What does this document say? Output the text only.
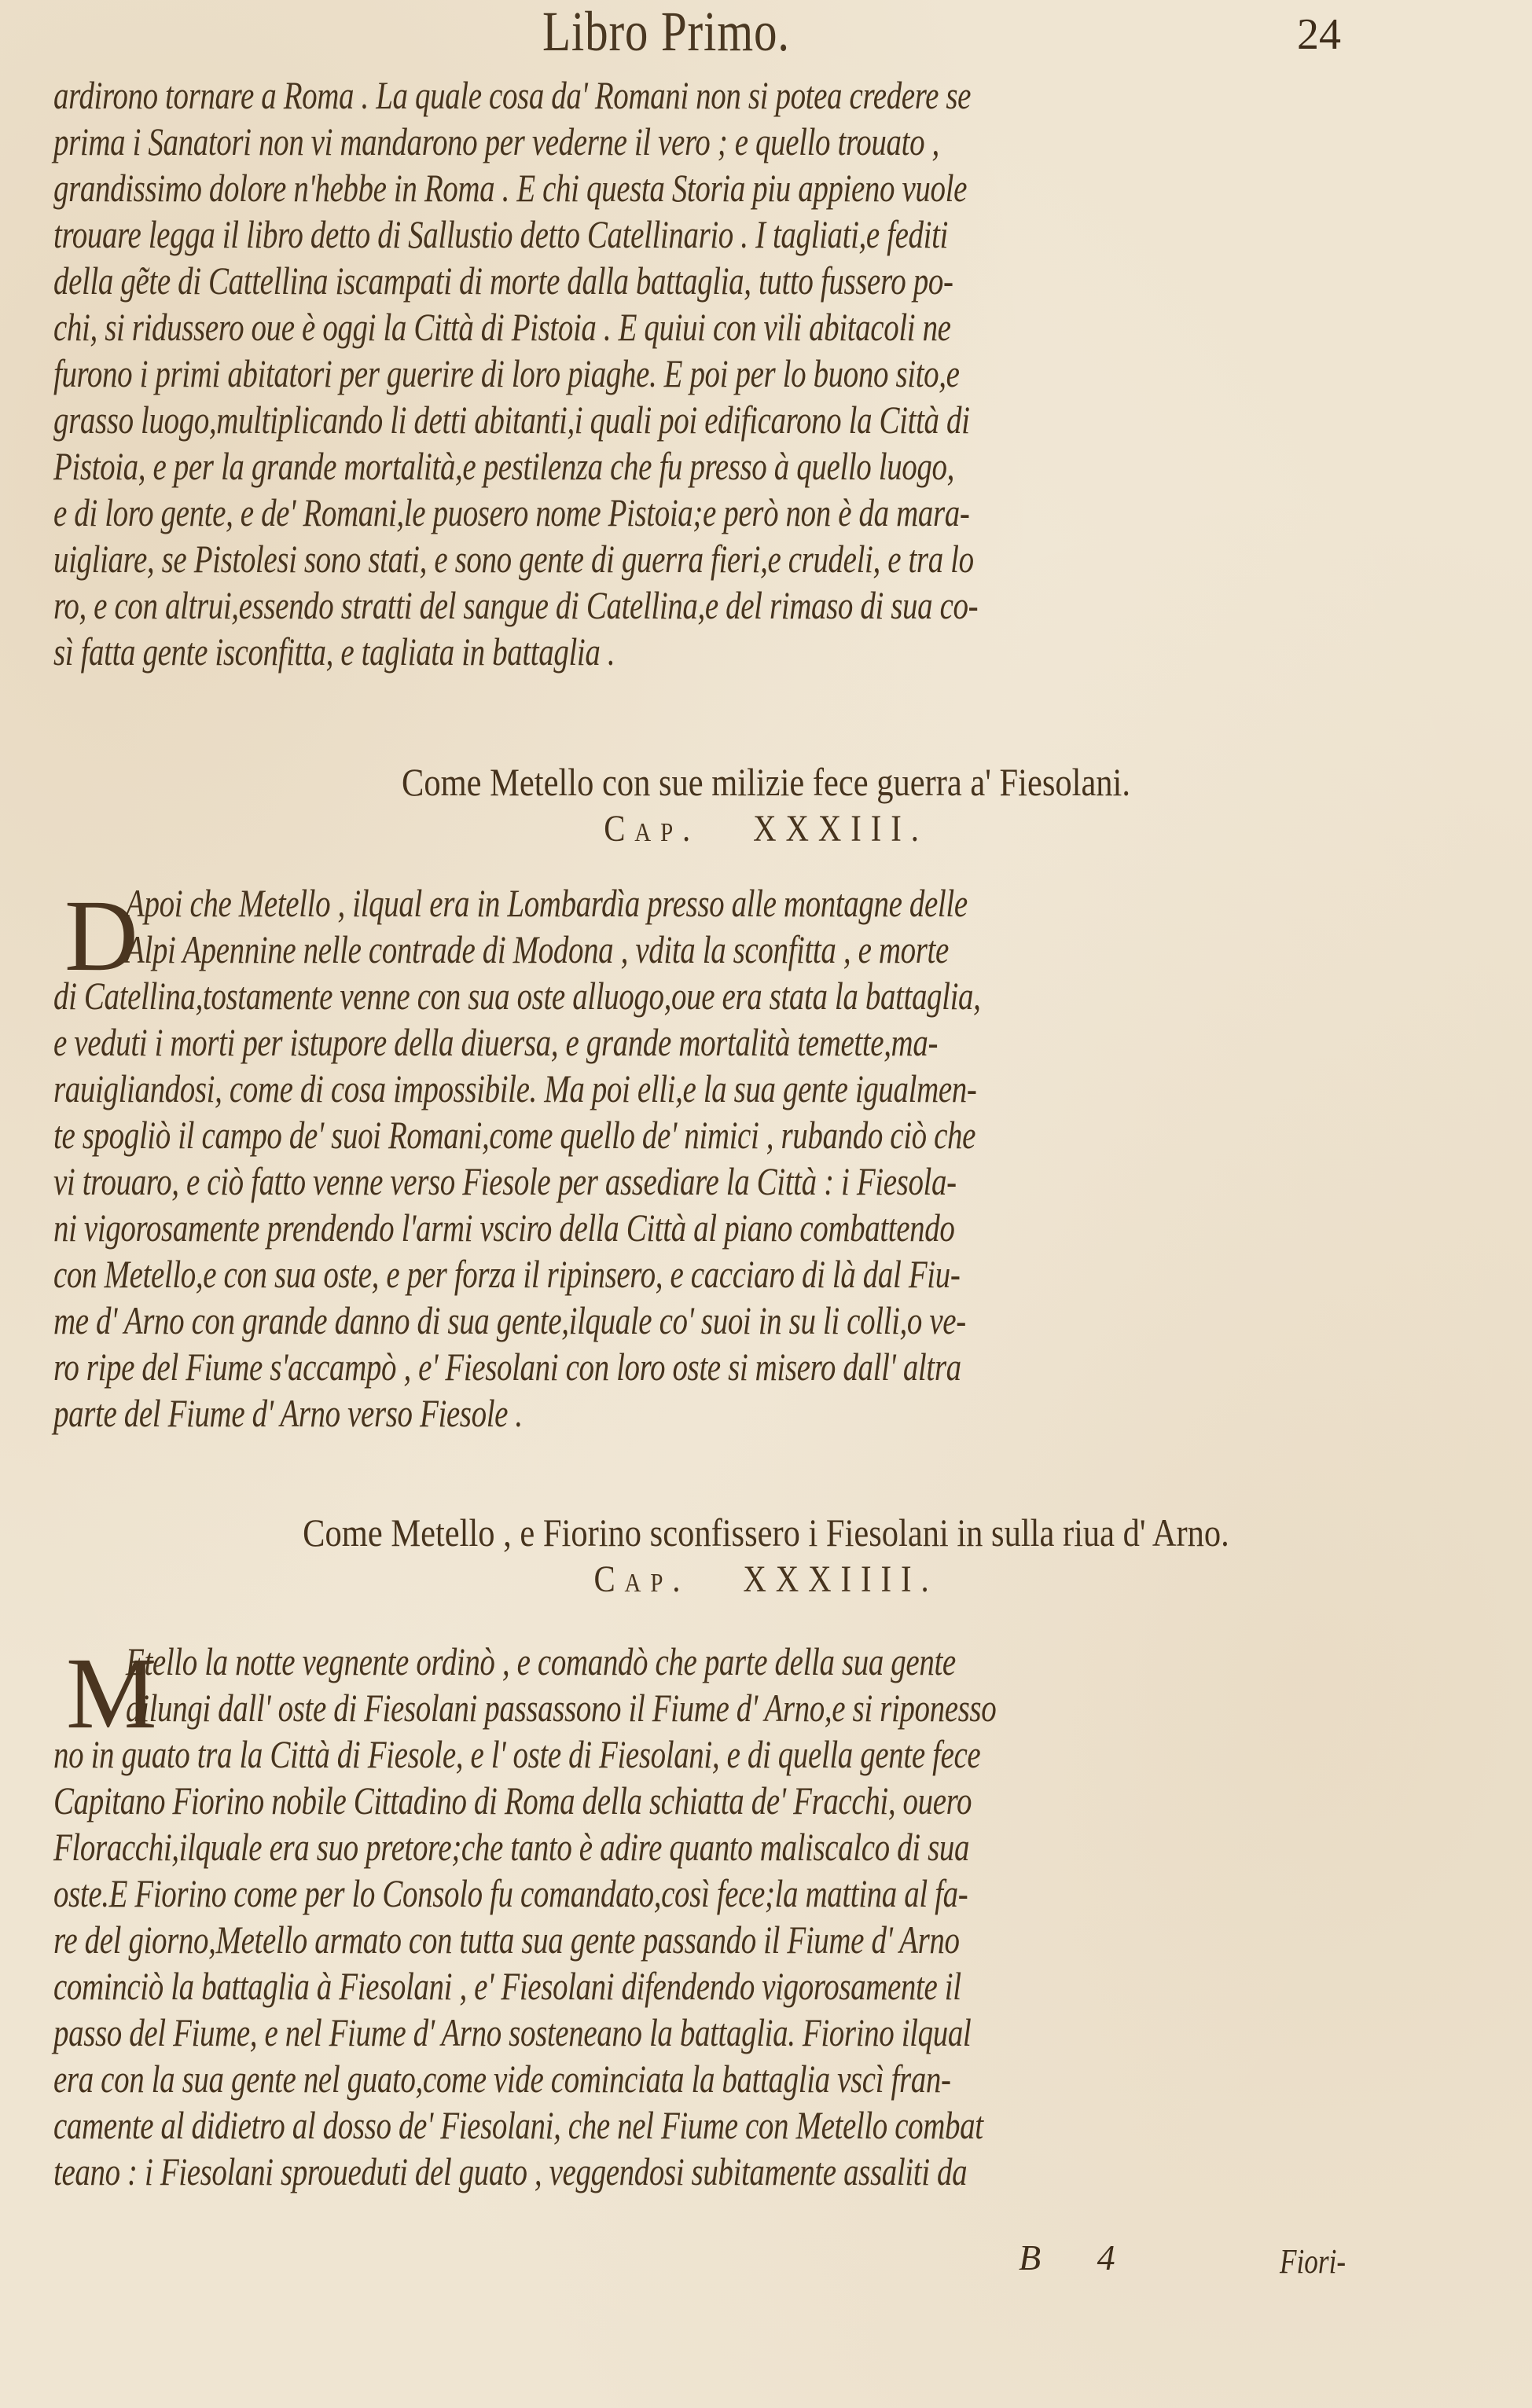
Libro Primo.	24
ardirono tornare a Roma . La quale cosa da' Romani non si potea credere se
prima i Sanatori non vi mandarono per vederne il vero ; e quello trouato ,
grandissimo dolore n'hebbe in Roma . E chi questa Storia piu appieno vuole
trouare legga il libro detto di Sallustio detto Catellinario . I tagliati,e fediti
della gẽte di Cattellina iscampati di morte dalla battaglia, tutto fussero po-
chi, si ridussero oue è oggi la Città di Pistoia . E quiui con vili abitacoli ne
furono i primi abitatori per guerire di loro piaghe. E poi per lo buono sito,e
grasso luogo,multiplicando li detti abitanti,i quali poi edificarono la Città di
Pistoia, e per la grande mortalità,e pestilenza che fu presso à quello luogo,
e di loro gente, e de' Romani,le puosero nome Pistoia;e però non è da mara-
uigliare, se Pistolesi sono stati, e sono gente di guerra fieri,e crudeli, e tra lo
ro, e con altrui,essendo stratti del sangue di Catellina,e del rimaso di sua co-
sì fatta gente isconfitta, e tagliata in battaglia .
Come Metello con sue milizie fece guerra a' Fiesolani.
Cap. XXXIII.
D
Apoi che Metello , ilqual era in Lombardìa presso alle montagne delle
Alpi Apennine nelle contrade di Modona , vdita la sconfitta , e morte
di Catellina,tostamente venne con sua oste alluogo,oue era stata la battaglia,
e veduti i morti per istupore della diuersa, e grande mortalità temette,ma-
rauigliandosi, come di cosa impossibile. Ma poi elli,e la sua gente igualmen-
te spogliò il campo de' suoi Romani,come quello de' nimici , rubando ciò che
vi trouaro, e ciò fatto venne verso Fiesole per assediare la Città : i Fiesola-
ni vigorosamente prendendo l'armi vsciro della Città al piano combattendo
con Metello,e con sua oste, e per forza il ripinsero, e cacciaro di là dal Fiu-
me d' Arno con grande danno di sua gente,ilquale co' suoi in su li colli,o ve-
ro ripe del Fiume s'accampò , e' Fiesolani con loro oste si misero dall' altra
parte del Fiume d' Arno verso Fiesole .
Come Metello , e Fiorino sconfissero i Fiesolani in sulla riua d' Arno.
Cap. XXXIIII.
M
Etello la notte vegnente ordinò , e comandò che parte della sua gente
dilungi dall' oste di Fiesolani passassono il Fiume d' Arno,e si riponesso
no in guato tra la Città di Fiesole, e l' oste di Fiesolani, e di quella gente fece
Capitano Fiorino nobile Cittadino di Roma della schiatta de' Fracchi, ouero
Floracchi,ilquale era suo pretore;che tanto è adire quanto maliscalco di sua
oste.E Fiorino come per lo Consolo fu comandato,così fece;la mattina al fa-
re del giorno,Metello armato con tutta sua gente passando il Fiume d' Arno
cominciò la battaglia à Fiesolani , e' Fiesolani difendendo vigorosamente il
passo del Fiume, e nel Fiume d' Arno sosteneano la battaglia. Fiorino ilqual
era con la sua gente nel guato,come vide cominciata la battaglia vscì fran-
camente al didietro al dosso de' Fiesolani, che nel Fiume con Metello combat
teano : i Fiesolani sproueduti del guato , veggendosi subitamente assaliti da
B 4	Fiori-
